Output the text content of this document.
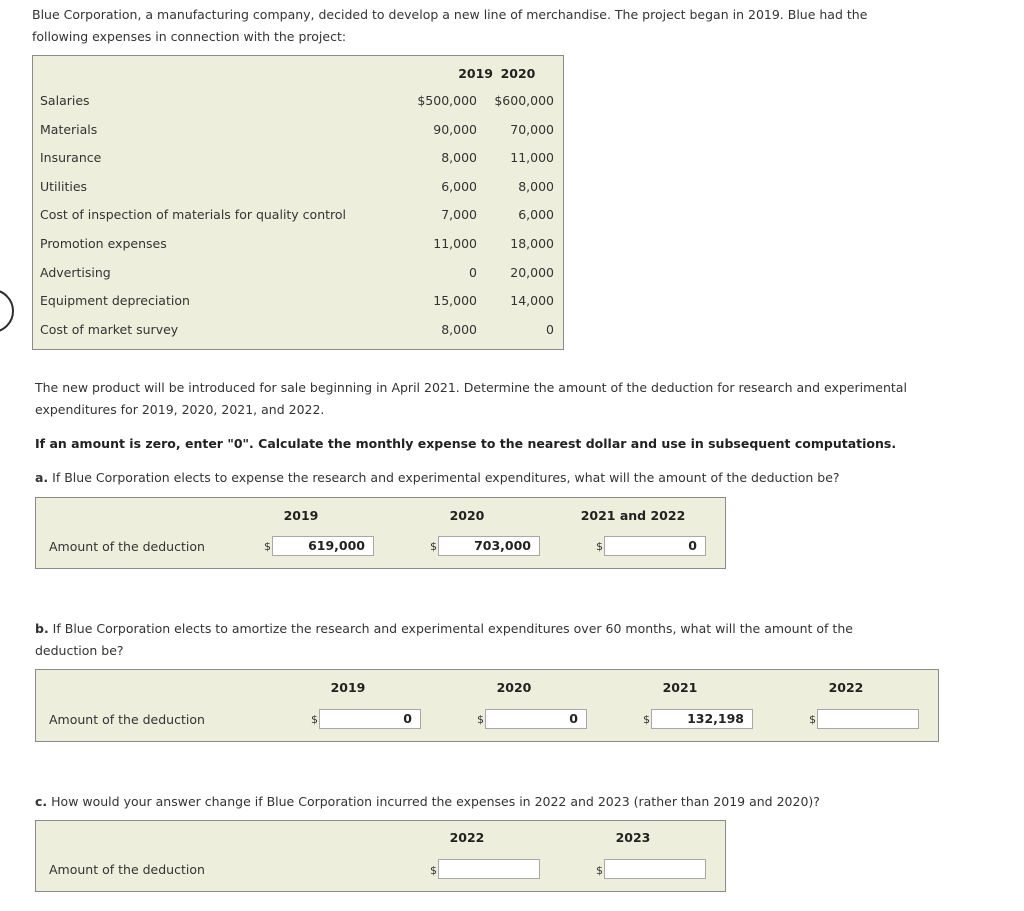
Blue Corporation, a manufacturing company, decided to develop a new line of merchandise. The project began in 2019. Blue had the
following expenses in connection with the project:
2019 2020
Salaries	$500,000 $600,000
Materials	90,000	70,000
Insurance	8,000	11,000
Utilities	6,000	8,000
Cost of inspection of materials for quality control	7,000	6,000
Promotion expenses	11,000	18,000
Advertising	0	20,000
Equipment depreciation	15,000	14,000
Cost of market survey	8,000	0
The new product will be introduced for sale beginning in April 2021. Determine the amount of the deduction for research and experimental
expenditures for 2019, 2020, 2021, and 2022.
If an amount is zero, enter "0". Calculate the monthly expense to the nearest dollar and use in subsequent computations.
a. If Blue Corporation elects to expense the research and experimental expenditures, what will the amount of the deduction be?
2019	2020	2021 and 2022
Amount of the deduction	$	619,000	$	703,000	$	0
b. If Blue Corporation elects to amortize the research and experimental expenditures over 60 months, what will the amount of the
deduction be?
2019	2020	2021	2022
Amount of the deduction	$	0	$	0	$	132,198	$
c. How would your answer change if Blue Corporation incurred the expenses in 2022 and 2023 (rather than 2019 and 2020)?
2022	2023
Amount of the deduction	$	$
